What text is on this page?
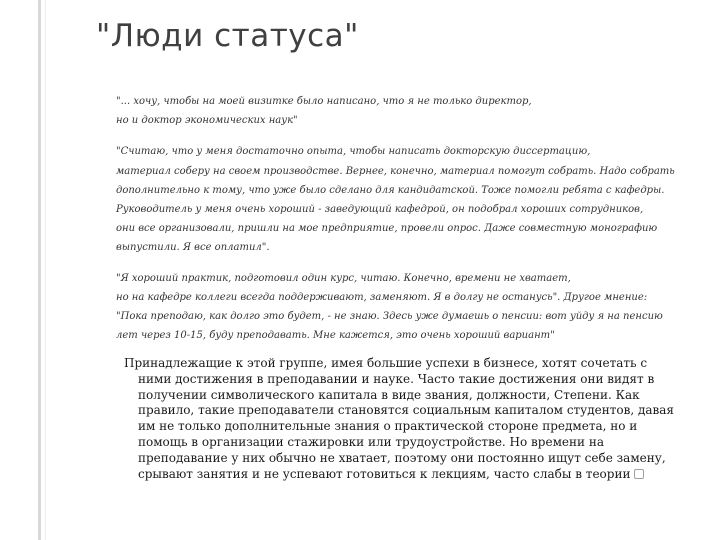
"Люди статуса"
"... хочу, чтобы на моей визитке было написано, что я не только директор,
но и доктор экономических наук"
"Считаю, что у меня достаточно опыта, чтобы написать докторскую диссертацию,
материал соберу на своем производстве. Вернее, конечно, материал помогут собрать. Надо собрать
дополнительно к тому, что уже было сделано для кандидатской. Тоже помогли ребята с кафедры.
Руководитель у меня очень хороший - заведующий кафедрой, он подобрал хороших сотрудников,
они все организовали, пришли на мое предприятие, провели опрос. Даже совместную монографию
выпустили. Я все оплатил".
"Я хороший практик, подготовил один курс, читаю. Конечно, времени не хватает,
но на кафедре коллеги всегда поддерживают, заменяют. Я в долгу не останусь". Другое мнение:
"Пока преподаю, как долго это будет, - не знаю. Здесь уже думаешь о пенсии: вот уйду я на пенсию
лет через 10-15, буду преподавать. Мне кажется, это очень хороший вариант"
Принадлежащие к этой группе, имея большие успехи в бизнесе, хотят сочетать с
ними достижения в преподавании и науке. Часто такие достижения они видят в
получении символического капитала в виде звания, должности, Степени. Как
правило, такие преподаватели становятся социальным капиталом студентов, давая
им не только дополнительные знания о практической стороне предмета, но и
помощь в организации стажировки или трудоустройстве. Но времени на
преподавание у них обычно не хватает, поэтому они постоянно ищут себе замену,
срывают занятия и не успевают готовиться к лекциям, часто слабы в теории
